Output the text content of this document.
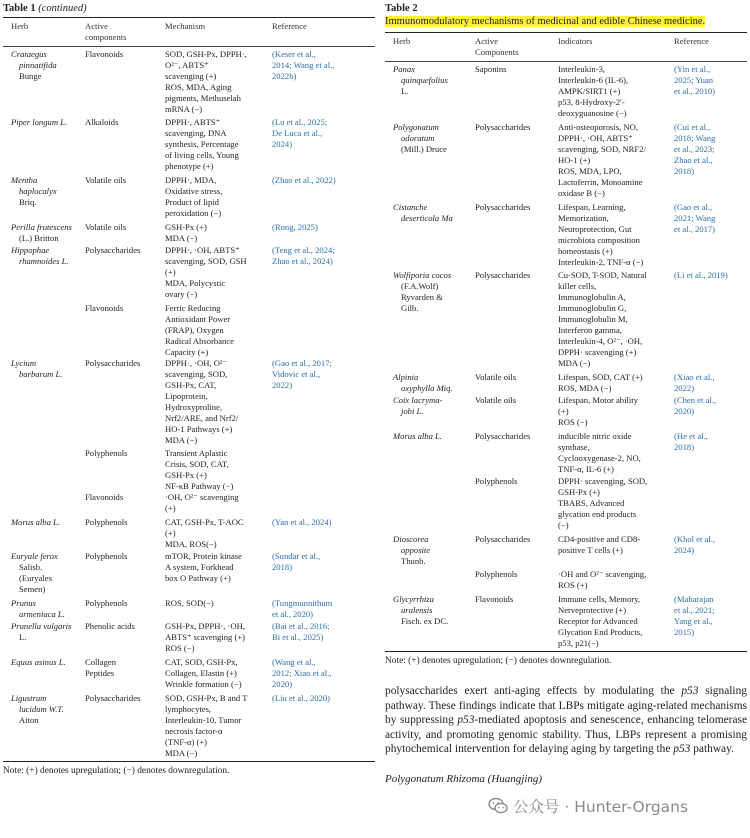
Table 1 (continued)
Herb	Active
components
Mechanism	Reference
Crataegus
pinnatifida
Bunge
Flavonoids	SOD, GSH-Px, DPPH·,
O²⁻, ABTS⁺
scavenging (+)
ROS, MDA, Aging
pigments, Methuselah
mRNA (−)
(Keser et al.,
2014; Wang et al.,
2022b)
Piper longum L.	Alkaloids	DPPH·, ABTS⁺
scavenging, DNA
synthesis, Percentage
of living cells, Young
phenotype (+)
(Lu et al., 2025;
De Luca et al.,
2024)
Mentha
haplocalyx
Briq.
Volatile oils	DPPH·, MDA,
Oxidative stress,
Product of lipid
peroxidation (−)
(Zhao et al., 2022)
Perilla frutescens
(L.) Britton
Volatile oils	GSH-Px (+)
MDA (−)
(Rong, 2025)
Hippophae
rhamnoides L.
Polysaccharides	DPPH·, ·OH, ABTS⁺
scavenging, SOD, GSH
(+)
MDA, Polycystic
ovary (−)
(Teng et al., 2024;
Zhao et al., 2024)
Flavonoids	Ferric Reducing
Antioxidant Power
(FRAP), Oxygen
Radical Absorbance
Capacity (+)
Lycium
barbarum L.
Polysaccharides	DPPH·, ·OH, O²⁻
scavenging, SOD,
GSH-Px, CAT,
Lipoprotein,
Hydroxyproline,
Nrf2/ARE, and Nrf2/
HO-1 Pathways (+)
MDA (−)
(Gao et al., 2017;
Vidovic et al.,
2022)
Polyphenols	Transient Aplastic
Crisis, SOD, CAT,
GSH-Px (+)
NF-κB Pathway (−)
Flavonoids	·OH, O²⁻ scavenging
(+)
Morus alba L.	Polyphenols	CAT, GSH-Px, T-AOC
(+)
MDA, ROS(−)
(Yan et al., 2024)
Euryale ferox
Salisb.
(Euryales
Semen)
Polyphenols	mTOR, Protein kinase
A system, Forkhead
box O Pathway (+)
(Sundar et al.,
2018)
Prunus
armeniaca L.
Polyphenols	ROS, SOD(−)	(Tungmunnithum
et al., 2020)
Prunella vulgaris
L.
Phenolic acids	GSH-Px, DPPH·, ·OH,
ABTS⁺ scavenging (+)
ROS (−)
(Bai et al., 2016;
Bi et al., 2025)
Equus asinus L.	Collagen
Peptides
CAT, SOD, GSH-Px,
Collagen, Elastin (+)
Wrinkle formation (−)
(Wang et al.,
2012; Xiao et al.,
2020)
Ligustrum
lucidum W.T.
Aiton
Polysaccharides	SOD, GSH-Px, B and T
lymphocytes,
Interleukin-10, Tumor
necrosis factor-α
(TNF-α) (+)
MDA (−)
(Liu et al., 2020)
Note: (+) denotes upregulation; (−) denotes downregulation.
Table 2
Immunomodulatory mechanisms of medicinal and edible Chinese medicine.
Herb	Active
Components
Indicators	Reference
Panax
quinquefolius
L.
Saponins	Interleukin-3,
Interleukin-6 (IL-6),
AMPK/SIRT1 (+)
p53, 8-Hydroxy-2′-
deoxyguanosine (−)
(Yin et al.,
2025; Yuan
et al., 2010)
Polygonatum
odoratum
(Mill.) Druce
Polysaccharides	Anti-osteoporosis, NO,
DPPH·, ·OH, ABTS⁺
scavenging, SOD, NRF2/
HO-1 (+)
ROS, MDA, LPO,
Lactoferrin, Monoamine
oxidase B (−)
(Cui et al.,
2018; Wang
et al., 2023;
Zhao et al.,
2018)
Cistanche
deserticola Ma
Polysaccharides	Lifespan, Learning,
Memorization,
Neuroprotection, Gut
microbiota composition
homeostasis (+)
Interleukin-2, TNF-α (−)
(Gao et al.,
2021; Wang
et al., 2017)
Wolfiporia cocos
(F.A.Wolf)
Ryvarden &
Gilb.
Polysaccharides	Cu-SOD, T-SOD, Natural
killer cells,
Immunoglobulin A,
Immunoglobulin G,
Immunoglobulin M,
Interferon gamma,
Interleukin-4, O²⁻, ·OH,
DPPH· scavenging (+)
MDA (−)
(Li et al., 2019)
Alpinia
oxyphylla Miq.
Volatile oils	Lifespan, SOD, CAT (+)
ROS, MDA (−)
(Xiao et al.,
2022)
Coix lacryma-
jobi L.
Volatile oils	Lifespan, Motor ability
(+)
ROS (−)
(Chen et al.,
2020)
Morus alba L.	Polysaccharides	inducible nitric oxide
synthase,
Cyclooxygenase-2, NO,
TNF-α, IL-6 (+)
(He et al.,
2018)
Polyphenols	DPPH· scavenging, SOD,
GSH-Px (+)
TBARS, Advanced
glycation end products
(−)
Dioscorea
opposite
Thunb.
Polysaccharides	CD4-positive and CD8-
positive T cells (+)
(Khol et al.,
2024)
Polyphenols	·OH and O²⁻ scavenging,
ROS (+)
Glycyrrhiza
uralensis
Fisch. ex DC.
Flavonoids	Immune cells, Memory,
Nerveprotective (+)
Receptor for Advanced
Glycation End Products,
p53, p21(−)
(Maharajan
et al., 2021;
Yang et al.,
2015)
Note: (+) denotes upregulation; (−) denotes downregulation.
polysaccharides exert anti-aging effects by modulating the p53 signaling pathway. These findings indicate that LBPs mitigate aging-related mechanisms by suppressing p53-mediated apoptosis and senescence, enhancing telomerase activity, and promoting genomic stability. Thus, LBPs represent a promising phytochemical intervention for delaying aging by targeting the p53 pathway.
Polygonatum Rhizoma (Huangjing)
公众号 · Hunter-Organs
